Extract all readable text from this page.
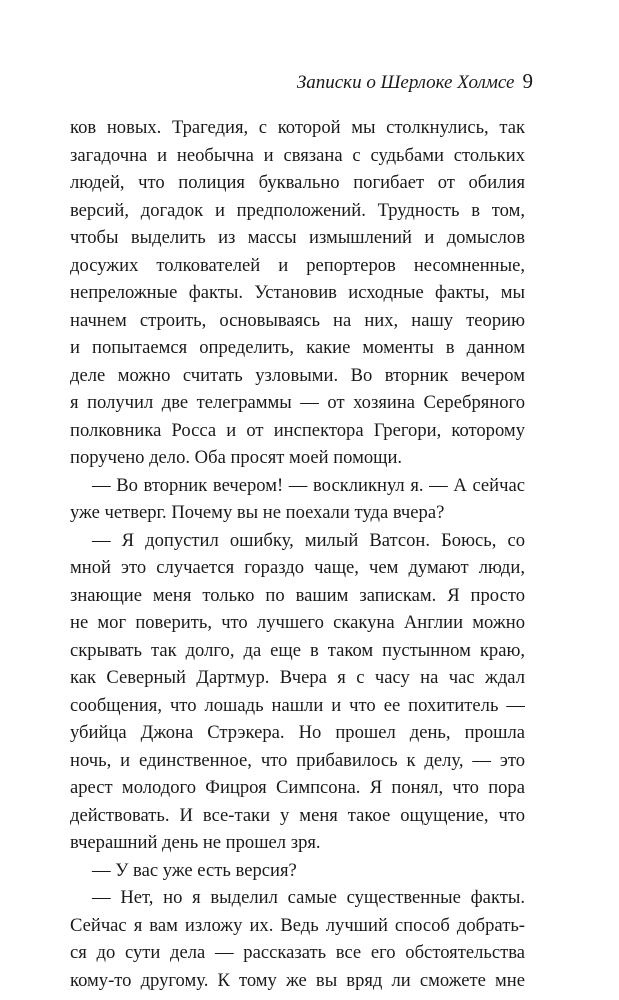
Записки о Шерлоке Холмсе 9
ков новых. Трагедия, с которой мы столкнулись, так
загадочна и необычна и связана с судьбами стольких
людей, что полиция буквально погибает от обилия
версий, догадок и предположений. Трудность в том,
чтобы выделить из массы измышлений и домыслов
досужих толкователей и репортеров несомненные,
непреложные факты. Установив исходные факты, мы
начнем строить, основываясь на них, нашу теорию
и попытаемся определить, какие моменты в данном
деле можно считать узловыми. Во вторник вечером
я получил две телеграммы — от хозяина Серебряного
полковника Росса и от инспектора Грегори, которому
поручено дело. Оба просят моей помощи.
— Во вторник вечером! — воскликнул я. — А сейчас
уже четверг. Почему вы не поехали туда вчера?
— Я допустил ошибку, милый Ватсон. Боюсь, со
мной это случается гораздо чаще, чем думают люди,
знающие меня только по вашим запискам. Я просто
не мог поверить, что лучшего скакуна Англии можно
скрывать так долго, да еще в таком пустынном краю,
как Северный Дартмур. Вчера я с часу на час ждал
сообщения, что лошадь нашли и что ее похититель —
убийца Джона Стрэкера. Но прошел день, прошла
ночь, и единственное, что прибавилось к делу, — это
арест молодого Фицроя Симпсона. Я понял, что пора
действовать. И все-таки у меня такое ощущение, что
вчерашний день не прошел зря.
— У вас уже есть версия?
— Нет, но я выделил самые существенные факты.
Сейчас я вам изложу их. Ведь лучший способ добрать-
ся до сути дела — рассказать все его обстоятельства
кому-то другому. К тому же вы вряд ли сможете мне
